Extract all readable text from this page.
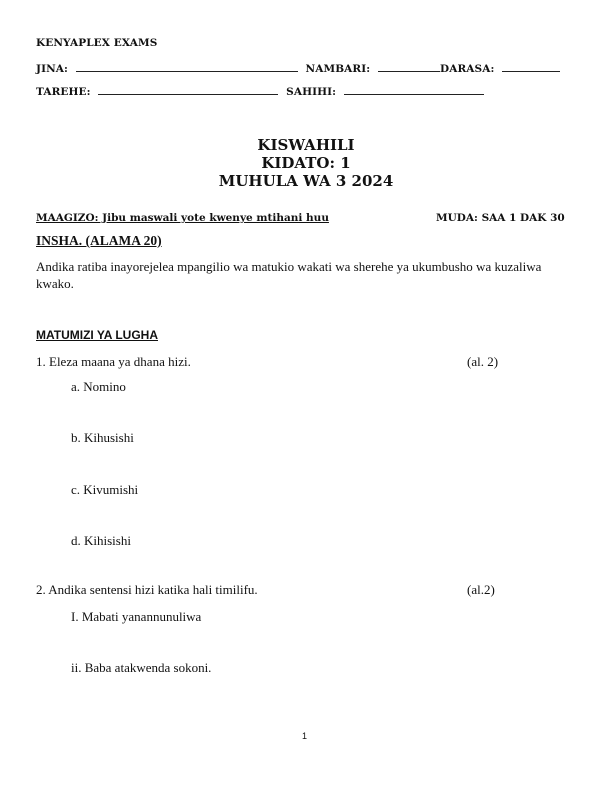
KENYAPLEX EXAMS
JINA:	NAMBARI:	DARASA:
TAREHE:	SAHIHI:
KISWAHILI
KIDATO: 1
MUHULA WA 3 2024
MAAGIZO: Jibu maswali yote kwenye mtihani huu	MUDA: SAA 1 DAK 30
INSHA. (ALAMA 20)
Andika ratiba inayorejelea mpangilio wa matukio wakati wa sherehe ya ukumbusho wa kuzaliwa kwako.
MATUMIZI YA LUGHA
1. Eleza maana ya dhana hizi.	(al. 2)
a. Nomino
b. Kihusishi
c. Kivumishi
d. Kihisishi
2. Andika sentensi hizi katika hali timilifu.	(al.2)
I. Mabati yanannunuliwa
ii. Baba atakwenda sokoni.
1
